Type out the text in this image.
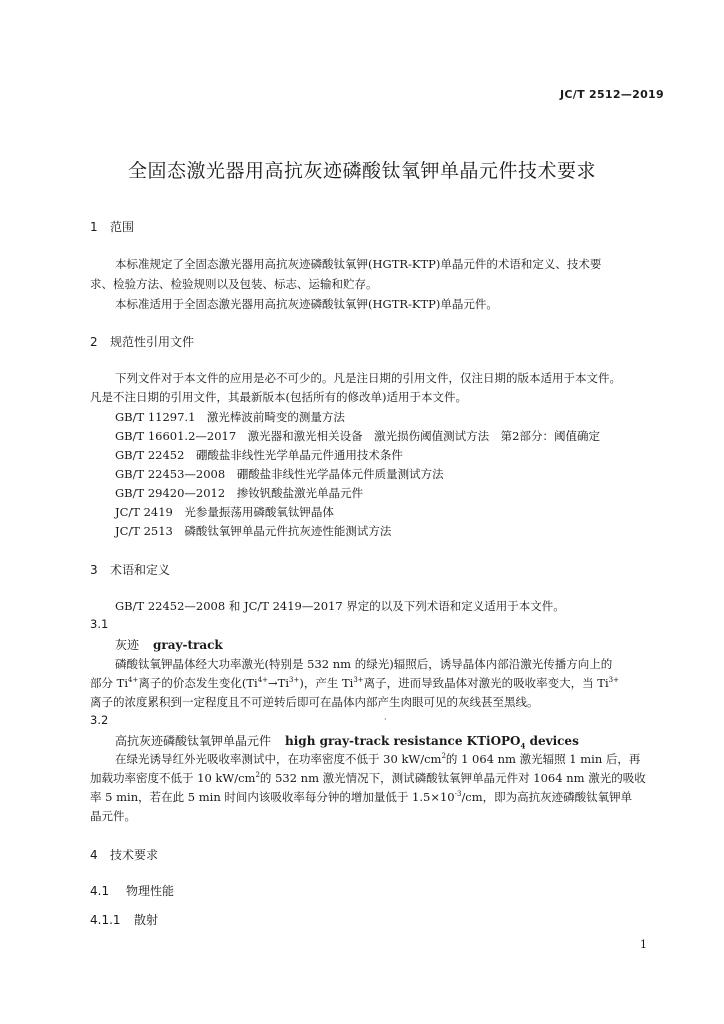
JC/T 2512—2019
全固态激光器用高抗灰迹磷酸钛氧钾单晶元件技术要求
1 范围
本标准规定了全固态激光器用高抗灰迹磷酸钛氧钾(HGTR-KTP)单晶元件的术语和定义、技术要
求、检验方法、检验规则以及包装、标志、运输和贮存。
本标准适用于全固态激光器用高抗灰迹磷酸钛氧钾(HGTR-KTP)单晶元件。
2 规范性引用文件
下列文件对于本文件的应用是必不可少的。凡是注日期的引用文件，仅注日期的版本适用于本文件。
凡是不注日期的引用文件，其最新版本(包括所有的修改单)适用于本文件。
GB/T 11297.1　激光棒波前畸变的测量方法
GB/T 16601.2—2017　激光器和激光相关设备　激光损伤阈值测试方法　第2部分：阈值确定
GB/T 22452　硼酸盐非线性光学单晶元件通用技术条件
GB/T 22453—2008　硼酸盐非线性光学晶体元件质量测试方法
GB/T 29420—2012　掺钕钒酸盐激光单晶元件
JC/T 2419　光参量振荡用磷酸氧钛钾晶体
JC/T 2513　磷酸钛氧钾单晶元件抗灰迹性能测试方法
3 术语和定义
GB/T 22452—2008 和 JC/T 2419—2017 界定的以及下列术语和定义适用于本文件。
3.1
灰迹 gray-track
磷酸钛氧钾晶体经大功率激光(特别是 532 nm 的绿光)辐照后，诱导晶体内部沿激光传播方向上的
部分 $Ti^{4+}$离子的价态发生变化$(Ti^{4+}\to Ti^{3+})$，产生 $Ti^{3+}$离子，进而导致晶体对激光的吸收率变大，当 $Ti^{3+}$
离子的浓度累积到一定程度且不可逆转后即可在晶体内部产生肉眼可见的灰线甚至黑线。
3.2	·
高抗灰迹磷酸钛氧钾单晶元件 high gray-track resistance KTiOPO$_4$ devices
在绿光诱导红外光吸收率测试中，在功率密度不低于 30 $kW/cm^2$的 1 064 nm 激光辐照 1 min 后，再
加载功率密度不低于 10 $kW/cm^2$的 532 nm 激光情况下，测试磷酸钛氧钾单晶元件对 1064 nm 激光的吸收
率 5 min，若在此 5 min 时间内该吸收率每分钟的增加量低于 $1.5\times 10^{-3}/cm$，即为高抗灰迹磷酸钛氧钾单
晶元件。
4 技术要求
4.1 物理性能
4.1.1 散射
1
